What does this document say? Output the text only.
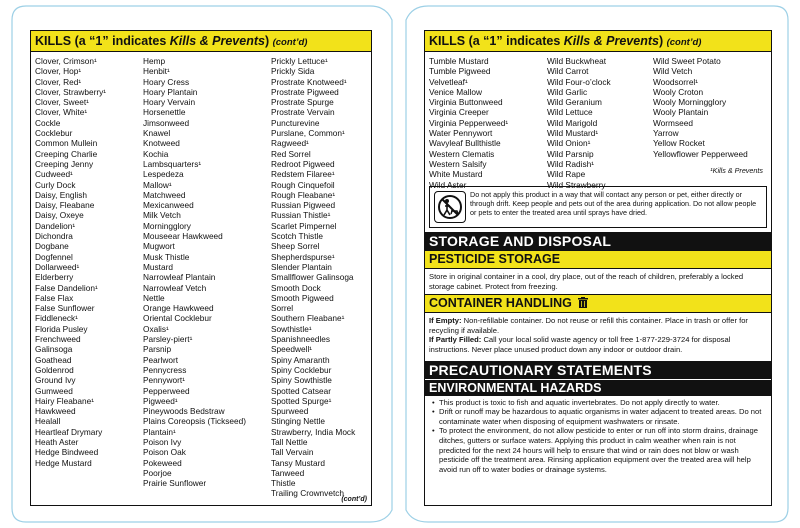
KILLS (a “1” indicates Kills & Prevents) (cont’d)
Clover, Crimson¹
Clover, Hop¹
Clover, Red¹
Clover, Strawberry¹
Clover, Sweet¹
Clover, White¹
Cockle
Cocklebur
Common Mullein
Creeping Charlie
Creeping Jenny
Cudweed¹
Curly Dock
Daisy, English
Daisy, Fleabane
Daisy, Oxeye
Dandelion¹
Dichondra
Dogbane
Dogfennel
Dollarweed¹
Elderberry
False Dandelion¹
False Flax
False Sunflower
Fiddleneck¹
Florida Pusley
Frenchweed
Galinsoga
Goathead
Goldenrod
Ground Ivy
Gumweed
Hairy Fleabane¹
Hawkweed
Healall
Heartleaf Drymary
Heath Aster
Hedge Bindweed
Hedge Mustard
Hemp
Henbit¹
Hoary Cress
Hoary Plantain
Hoary Vervain
Horsenettle
Jimsonweed
Knawel
Knotweed
Kochia
Lambsquarters¹
Lespedeza
Mallow¹
Matchweed
Mexicanweed
Milk Vetch
Morningglory
Mouseear Hawkweed
Mugwort
Musk Thistle
Mustard
Narrowleaf Plantain
Narrowleaf Vetch
Nettle
Orange Hawkweed
Oriental Cocklebur
Oxalis¹
Parsley-piert¹
Parsnip
Pearlwort
Pennycress
Pennywort¹
Pepperweed
Pigweed¹
Pineywoods Bedstraw
Plains Coreopsis (Tickseed)
Plantain¹
Poison Ivy
Poison Oak
Pokeweed
Poorjoe
Prairie Sunflower
Prickly Lettuce¹
Prickly Sida
Prostrate Knotweed¹
Prostrate Pigweed
Prostrate Spurge
Prostrate Vervain
Puncturevine
Purslane, Common¹
Ragweed¹
Red Sorrel
Redroot Pigweed
Redstem Filaree¹
Rough Cinquefoil
Rough Fleabane¹
Russian Pigweed
Russian Thistle¹
Scarlet Pimpernel
Scotch Thistle
Sheep Sorrel
Shepherdspurse¹
Slender Plantain
Smallflower Galinsoga
Smooth Dock
Smooth Pigweed
Sorrel
Southern Fleabane¹
Sowthistle¹
Spanishneedles
Speedwell¹
Spiny Amaranth
Spiny Cocklebur
Spiny Sowthistle
Spotted Catsear
Spotted Spurge¹
Spurweed
Stinging Nettle
Strawberry, India Mock
Tall Nettle
Tall Vervain
Tansy Mustard
Tanweed
Thistle
Trailing Crownvetch
(cont’d)
KILLS (a “1” indicates Kills & Prevents) (cont’d)
Tumble Mustard
Tumble Pigweed
Velvetleaf¹
Venice Mallow
Virginia Buttonweed
Virginia Creeper
Virginia Pepperweed¹
Water Pennywort
Wavyleaf Bullthistle
Western Clematis
Western Salsify
White Mustard
Wild Aster
Wild Buckwheat
Wild Carrot
Wild Four-o’clock
Wild Garlic
Wild Geranium
Wild Lettuce
Wild Marigold
Wild Mustard¹
Wild Onion¹
Wild Parsnip
Wild Radish¹
Wild Rape
Wild Strawberry
Wild Sweet Potato
Wild Vetch
Woodsorrel¹
Wooly Croton
Wooly Morningglory
Wooly Plantain
Wormseed
Yarrow
Yellow Rocket
Yellowflower Pepperweed
¹Kills & Prevents
Do not apply this product in a way that will contact any person or pet, either directly or through drift. Keep people and pets out of the area during application. Do not allow people or pets to enter the treated area until sprays have dried.
STORAGE AND DISPOSAL
PESTICIDE STORAGE
Store in original container in a cool, dry place, out of the reach of children, preferably a locked storage cabinet. Protect from freezing.
CONTAINER HANDLING
If Empty: Non-refillable container. Do not reuse or refill this container. Place in trash or offer for recycling if available.
If Partly Filled: Call your local solid waste agency or toll free 1-877-229-3724 for disposal instructions. Never place unused product down any indoor or outdoor drain.
PRECAUTIONARY STATEMENTS
ENVIRONMENTAL HAZARDS
• This product is toxic to fish and aquatic invertebrates. Do not apply directly to water.
• Drift or runoff may be hazardous to aquatic organisms in water adjacent to treated areas. Do not contaminate water when disposing of equipment washwaters or rinsate.
• To protect the environment, do not allow pesticide to enter or run off into storm drains, drainage ditches, gutters or surface waters. Applying this product in calm weather when rain is not predicted for the next 24 hours will help to ensure that wind or rain does not blow or wash pesticide off the treatment area. Rinsing application equipment over the treated area will help avoid run off to water bodies or drainage systems.
